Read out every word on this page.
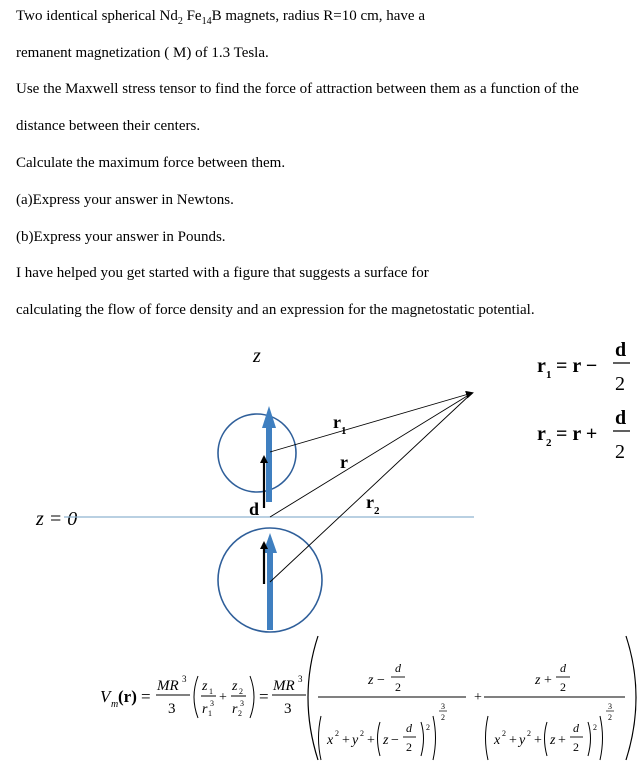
Two identical spherical $Nd_2$ $Fe_{14}B$ magnets, radius R=10 cm, have a
remanent magnetization ( M) of 1.3 Tesla.
Use the Maxwell stress tensor to find the force of attraction between them as a function of the
distance between their centers.
Calculate the maximum force between them.
(a)Express your answer in Newtons.
(b)Express your answer in Pounds.
I have helped you get started with a figure that suggests a surface for
calculating the flow of force density and an expression for the magnetostatic potential.
z
z = 0
r 1
r
r 2
d
r 1 = r −
d
2
r 2 = r +
d
2
V m (r) =
MR 3
3
z 1
r 1
3 +
z 2
r 2
3 =
MR 3
3
z −
d
2
x 2 + y 2 + z −
d
2
2
3
2
+
z +
d
2
x 2 + y 2 + z +
d
2
2
3
2
